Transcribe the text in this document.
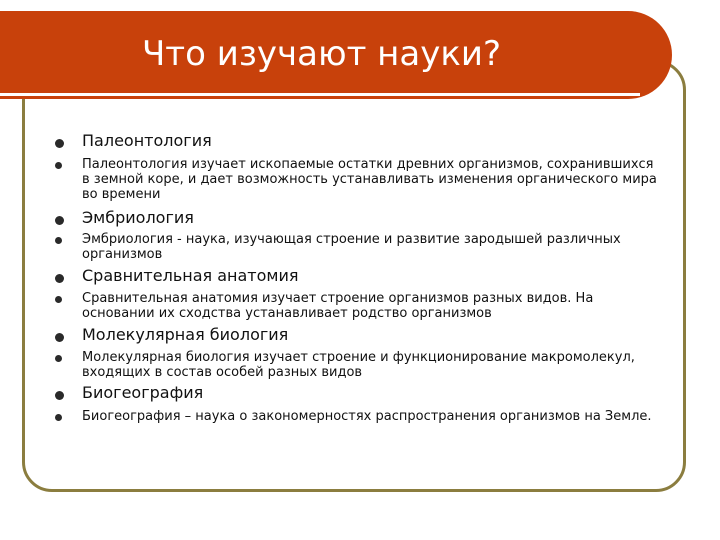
Что изучают науки?
Палеонтология
Палеонтология изучает ископаемые остатки древних организмов, сохранившихся в земной коре, и дает возможность устанавливать изменения органического мира во времени
Эмбриология
Эмбриология - наука, изучающая строение и развитие зародышей различных организмов
Сравнительная анатомия
Сравнительная анатомия изучает строение организмов разных видов. На основании их сходства устанавливает родство организмов
Молекулярная биология
Молекулярная биология изучает строение и функционирование макромолекул, входящих в состав особей разных видов
Биогеография
Биогеография – наука о закономерностях распространения организмов на Земле.
